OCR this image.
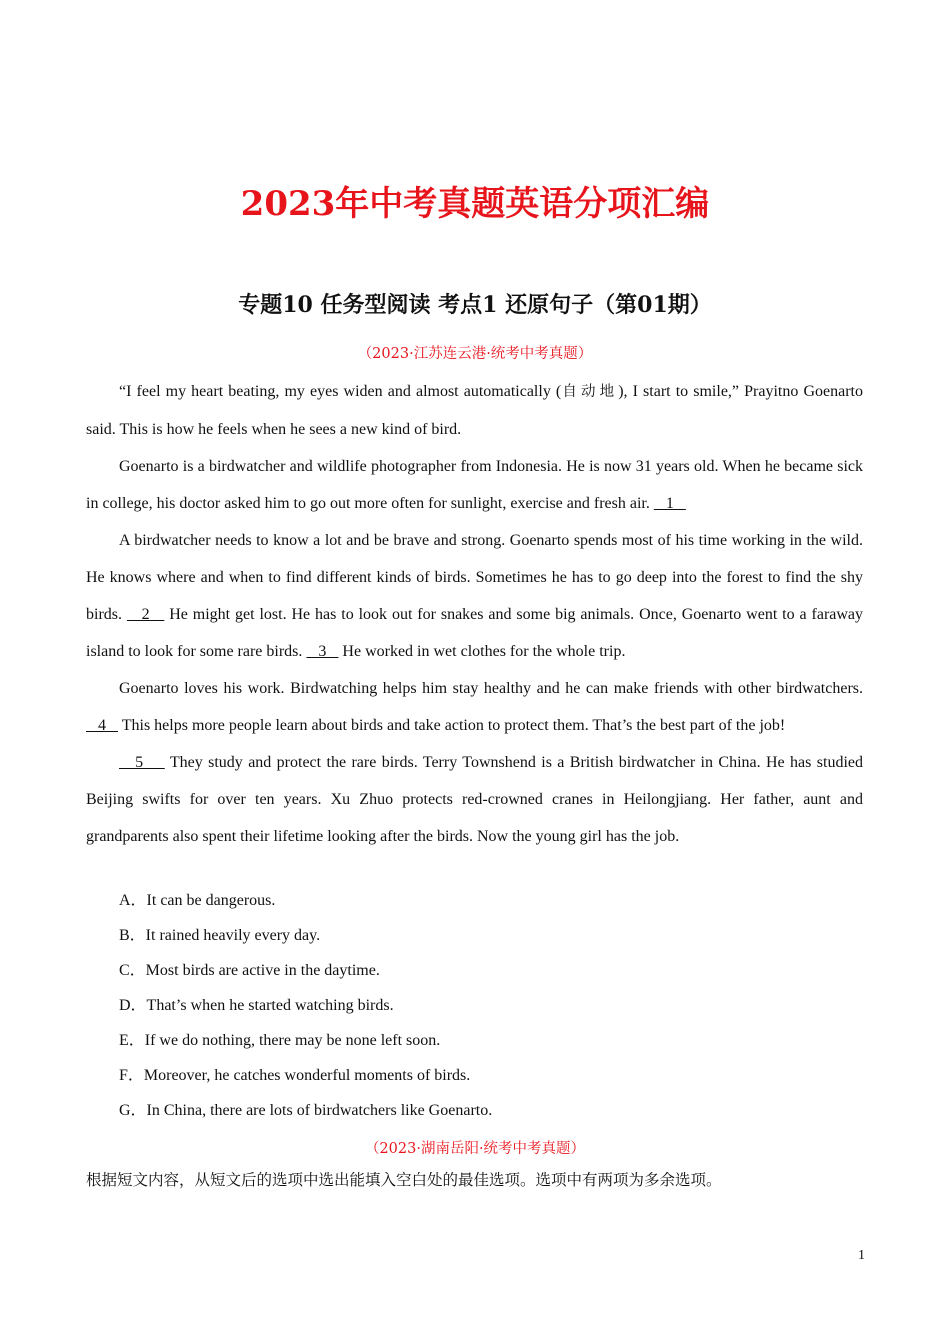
2023年中考真题英语分项汇编
专题10 任务型阅读 考点1 还原句子（第01期）
（2023·江苏连云港·统考中考真题）

“I feel my heart beating, my eyes widen and almost automatically (自动地), I start to smile,” Prayitno Goenarto said. This is how he feels when he sees a new kind of bird.

Goenarto is a birdwatcher and wildlife photographer from Indonesia. He is now 31 years old. When he became sick in college, his doctor asked him to go out more often for sunlight, exercise and fresh air.    1

A birdwatcher needs to know a lot and be brave and strong. Goenarto spends most of his time working in the wild. He knows where and when to find different kinds of birds. Sometimes he has to go deep into the forest to find the shy birds.    2    He might get lost. He has to look out for snakes and some big animals. Once, Goenarto went to a faraway island to look for some rare birds.    3    He worked in wet clothes for the whole trip.

Goenarto loves his work. Birdwatching helps him stay healthy and he can make friends with other birdwatchers.    4    This helps more people learn about birds and take action to protect them. That’s the best part of the job!

5     They study and protect the rare birds. Terry Townshend is a British birdwatcher in China. He has studied Beijing swifts for over ten years. Xu Zhuo protects red-crowned cranes in Heilongjiang. Her father, aunt and grandparents also spent their lifetime looking after the birds. Now the young girl has the job.

A．It can be dangerous.
B．It rained heavily every day.
C．Most birds are active in the daytime.
D．That’s when he started watching birds.
E．If we do nothing, there may be none left soon.
F．Moreover, he catches wonderful moments of birds.
G．In China, there are lots of birdwatchers like Goenarto.
（2023·湖南岳阳·统考中考真题）
根据短文内容，从短文后的选项中选出能填入空白处的最佳选项。选项中有两项为多余选项。
1
